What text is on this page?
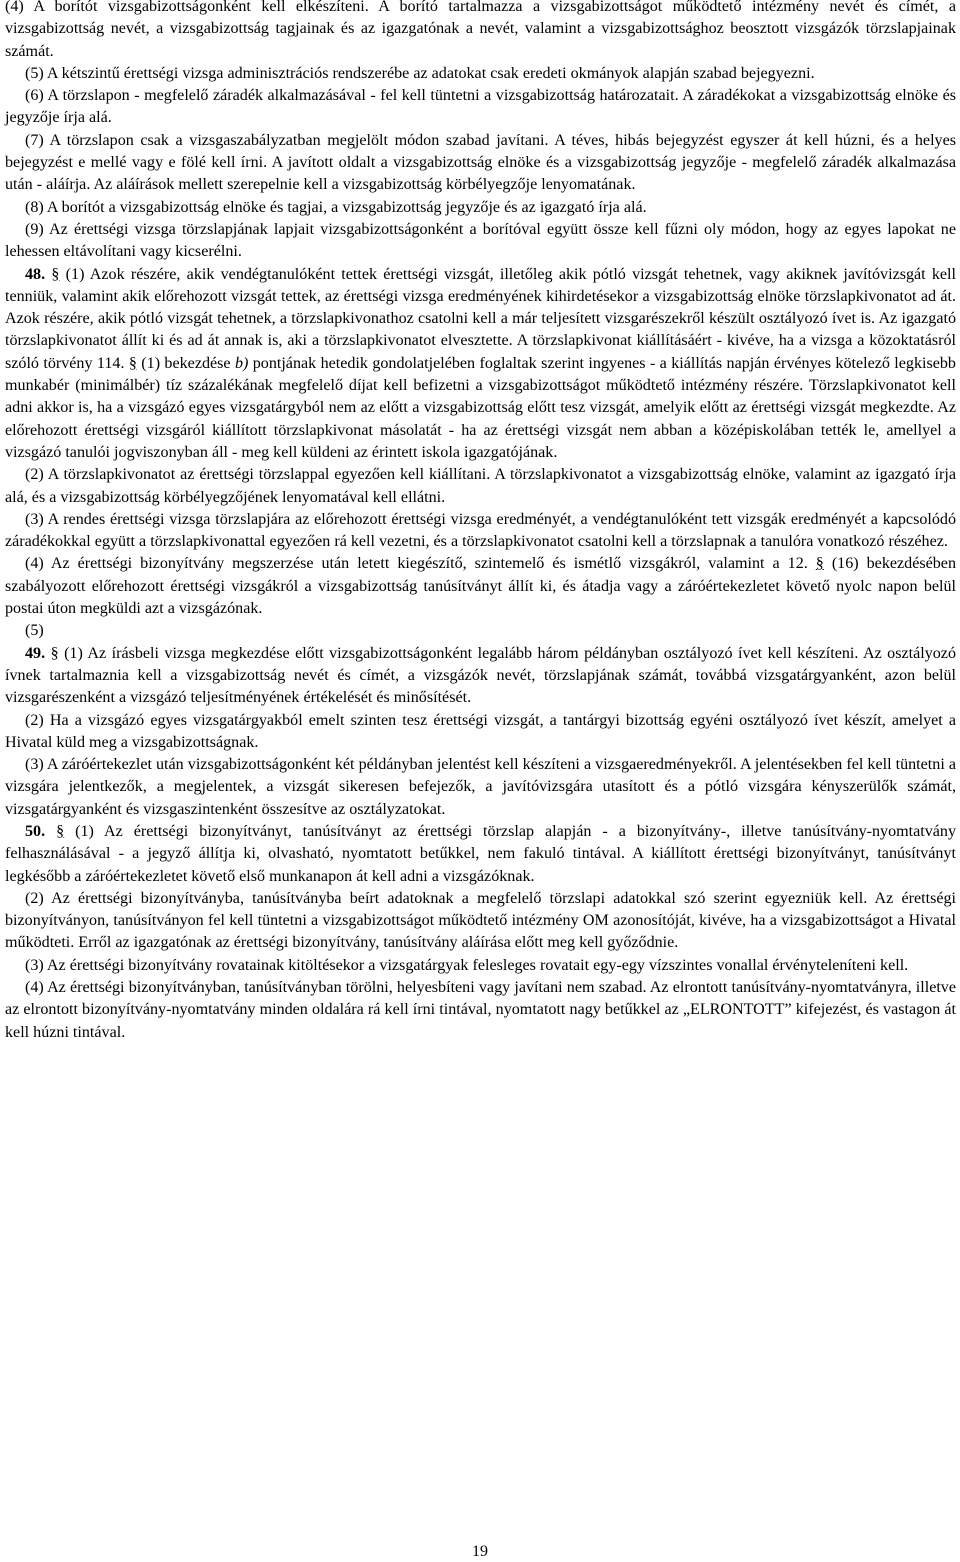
(4) A borítót vizsgabizottságonként kell elkészíteni. A borító tartalmazza a vizsgabizottságot működtető intézmény nevét és címét, a vizsgabizottság nevét, a vizsgabizottság tagjainak és az igazgatónak a nevét, valamint a vizsgabizottsághoz beosztott vizsgázók törzslapjainak számát.

(5) A kétszintű érettségi vizsga adminisztrációs rendszerébe az adatokat csak eredeti okmányok alapján szabad bejegyezni.

(6) A törzslapon - megfelelő záradék alkalmazásával - fel kell tüntetni a vizsgabizottság határozatait. A záradékokat a vizsgabizottság elnöke és jegyzője írja alá.

(7) A törzslapon csak a vizsgaszabályzatban megjelölt módon szabad javítani. A téves, hibás bejegyzést egyszer át kell húzni, és a helyes bejegyzést e mellé vagy e fölé kell írni. A javított oldalt a vizsgabizottság elnöke és a vizsgabizottság jegyzője - megfelelő záradék alkalmazása után - aláírja. Az aláírások mellett szerepelnie kell a vizsgabizottság körbélyegzője lenyomatának.

(8) A borítót a vizsgabizottság elnöke és tagjai, a vizsgabizottság jegyzője és az igazgató írja alá.

(9) Az érettségi vizsga törzslapjának lapjait vizsgabizottságonként a borítóval együtt össze kell fűzni oly módon, hogy az egyes lapokat ne lehessen eltávolítani vagy kicserélni.

48. § (1) Azok részére, akik vendégtanulóként tettek érettségi vizsgát, illetőleg akik pótló vizsgát tehetnek, vagy akiknek javítóvizsgát kell tenniük, valamint akik előrehozott vizsgát tettek, az érettségi vizsga eredményének kihirdetésekor a vizsgabizottság elnöke törzslapkivonatot ad át. Azok részére, akik pótló vizsgát tehetnek, a törzslapkivonathoz csatolni kell a már teljesített vizsgarészekről készült osztályozó ívet is. Az igazgató törzslapkivonatot állít ki és ad át annak is, aki a törzslapkivonatot elvesztette. A törzslapkivonat kiállításáért - kivéve, ha a vizsga a közoktatásról szóló törvény 114. § (1) bekezdése b) pontjának hetedik gondolatjelében foglaltak szerint ingyenes - a kiállítás napján érvényes kötelező legkisebb munkabér (minimálbér) tíz százalékának megfelelő díjat kell befizetni a vizsgabizottságot működtető intézmény részére. Törzslapkivonatot kell adni akkor is, ha a vizsgázó egyes vizsgatárgyból nem az előtt a vizsgabizottság előtt tesz vizsgát, amelyik előtt az érettségi vizsgát megkezdte. Az előrehozott érettségi vizsgáról kiállított törzslapkivonat másolatát - ha az érettségi vizsgát nem abban a középiskolában tették le, amellyel a vizsgázó tanulói jogviszonyban áll - meg kell küldeni az érintett iskola igazgatójának.

(2) A törzslapkivonatot az érettségi törzslappal egyezően kell kiállítani. A törzslapkivonatot a vizsgabizottság elnöke, valamint az igazgató írja alá, és a vizsgabizottság körbélyegzőjének lenyomatával kell ellátni.

(3) A rendes érettségi vizsga törzslapjára az előrehozott érettségi vizsga eredményét, a vendégtanulóként tett vizsgák eredményét a kapcsolódó záradékokkal együtt a törzslapkivonattal egyezően rá kell vezetni, és a törzslapkivonatot csatolni kell a törzslapnak a tanulóra vonatkozó részéhez.

(4) Az érettségi bizonyítvány megszerzése után letett kiegészítő, szintemelő és ismétlő vizsgákról, valamint a 12. § (16) bekezdésében szabályozott előrehozott érettségi vizsgákról a vizsgabizottság tanúsítványt állít ki, és átadja vagy a záróértekezletet követő nyolc napon belül postai úton megküldi azt a vizsgázónak.

(5)

49. § (1) Az írásbeli vizsga megkezdése előtt vizsgabizottságonként legalább három példányban osztályozó ívet kell készíteni. Az osztályozó ívnek tartalmaznia kell a vizsgabizottság nevét és címét, a vizsgázók nevét, törzslapjának számát, továbbá vizsgatárgyanként, azon belül vizsgarészenként a vizsgázó teljesítményének értékelését és minősítését.

(2) Ha a vizsgázó egyes vizsgatárgyakból emelt szinten tesz érettségi vizsgát, a tantárgyi bizottság egyéni osztályozó ívet készít, amelyet a Hivatal küld meg a vizsgabizottságnak.

(3) A záróértekezlet után vizsgabizottságonként két példányban jelentést kell készíteni a vizsgaeredményekről. A jelentésekben fel kell tüntetni a vizsgára jelentkezők, a megjelentek, a vizsgát sikeresen befejezők, a javítóvizsgára utasított és a pótló vizsgára kényszerülők számát, vizsgatárgyanként és vizsgaszintenként összesítve az osztályzatokat.

50. § (1) Az érettségi bizonyítványt, tanúsítványt az érettségi törzslap alapján - a bizonyítvány-, illetve tanúsítvány-nyomtatvány felhasználásával - a jegyző állítja ki, olvasható, nyomtatott betűkkel, nem fakuló tintával. A kiállított érettségi bizonyítványt, tanúsítványt legkésőbb a záróértekezletet követő első munkanapon át kell adni a vizsgázóknak.

(2) Az érettségi bizonyítványba, tanúsítványba beírt adatoknak a megfelelő törzslapi adatokkal szó szerint egyezniük kell. Az érettségi bizonyítványon, tanúsítványon fel kell tüntetni a vizsgabizottságot működtető intézmény OM azonosítóját, kivéve, ha a vizsgabizottságot a Hivatal működteti. Erről az igazgatónak az érettségi bizonyítvány, tanúsítvány aláírása előtt meg kell győződnie.

(3) Az érettségi bizonyítvány rovatainak kitöltésekor a vizsgatárgyak felesleges rovatait egy-egy vízszintes vonallal érvényteleníteni kell.

(4) Az érettségi bizonyítványban, tanúsítványban törölni, helyesbíteni vagy javítani nem szabad. Az elrontott tanúsítvány-nyomtatványra, illetve az elrontott bizonyítvány-nyomtatvány minden oldalára rá kell írni tintával, nyomtatott nagy betűkkel az „ELRONTOTT” kifejezést, és vastagon át kell húzni tintával.

19
